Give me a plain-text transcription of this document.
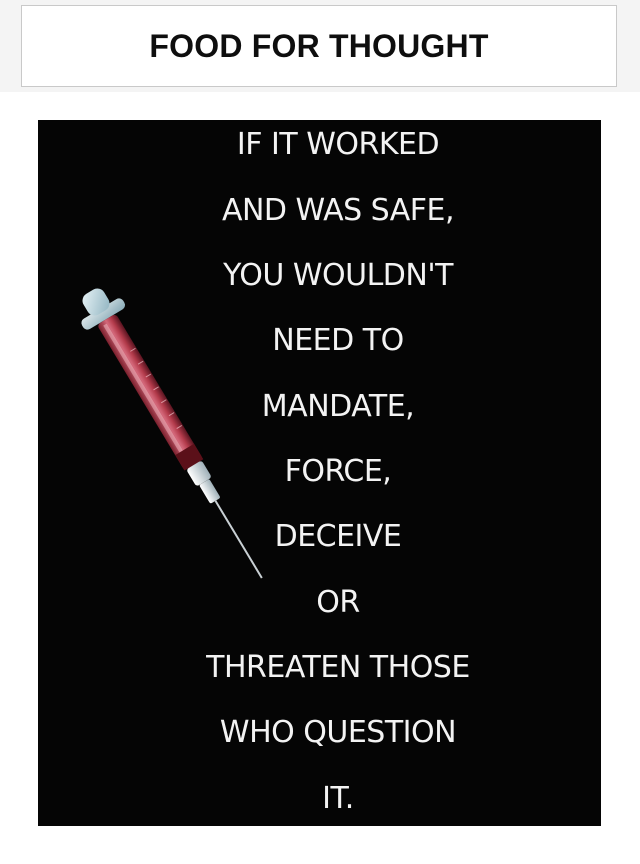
FOOD FOR THOUGHT
IF IT WORKED
AND WAS SAFE,
YOU WOULDN'T
NEED TO
MANDATE,
FORCE,
DECEIVE
OR
THREATEN THOSE
WHO QUESTION
IT.
